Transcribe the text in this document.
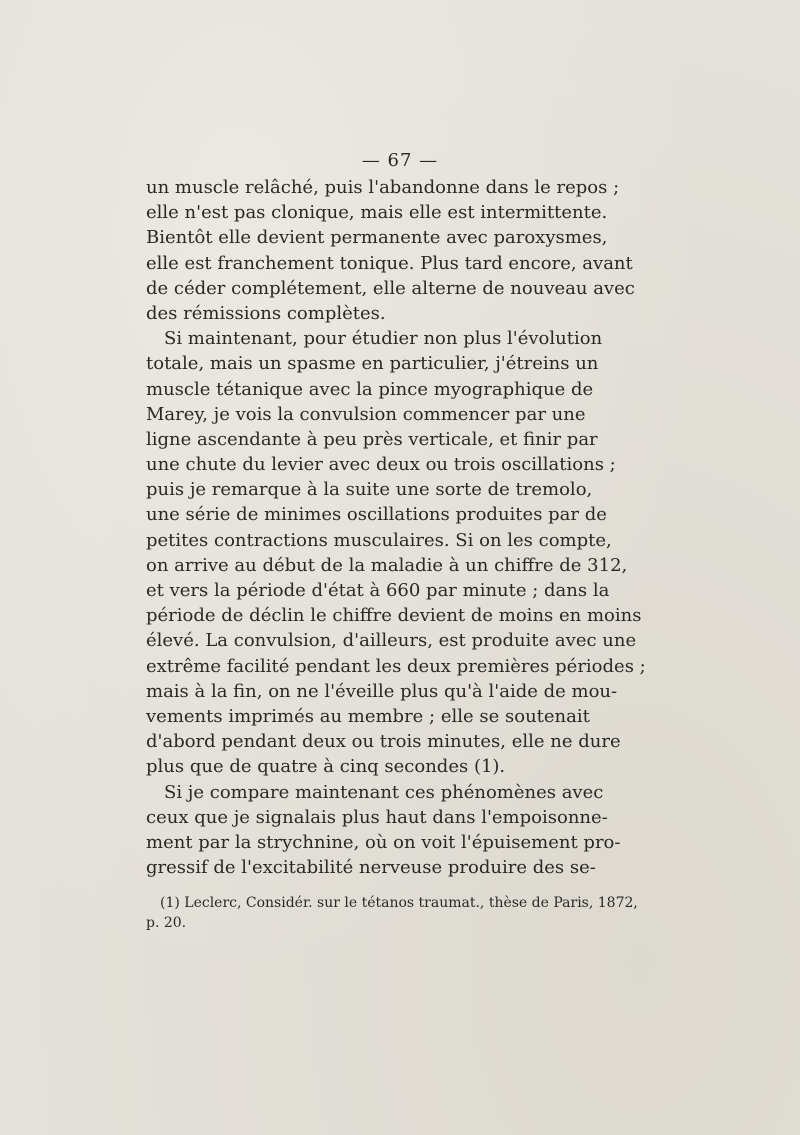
— 67 —
un muscle relâché, puis l'abandonne dans le repos ;
elle n'est pas clonique, mais elle est intermittente.
Bientôt elle devient permanente avec paroxysmes,
elle est franchement tonique. Plus tard encore, avant
de céder complétement, elle alterne de nouveau avec
des rémissions complètes.
Si maintenant, pour étudier non plus l'évolution
totale, mais un spasme en particulier, j'étreins un
muscle tétanique avec la pince myographique de
Marey, je vois la convulsion commencer par une
ligne ascendante à peu près verticale, et finir par
une chute du levier avec deux ou trois oscillations ;
puis je remarque à la suite une sorte de tremolo,
une série de minimes oscillations produites par de
petites contractions musculaires. Si on les compte,
on arrive au début de la maladie à un chiffre de 312,
et vers la période d'état à 660 par minute ; dans la
période de déclin le chiffre devient de moins en moins
élevé. La convulsion, d'ailleurs, est produite avec une
extrême facilité pendant les deux premières périodes ;
mais à la fin, on ne l'éveille plus qu'à l'aide de mou-
vements imprimés au membre ; elle se soutenait
d'abord pendant deux ou trois minutes, elle ne dure
plus que de quatre à cinq secondes (1).
Si je compare maintenant ces phénomènes avec
ceux que je signalais plus haut dans l'empoisonne-
ment par la strychnine, où on voit l'épuisement pro-
gressif de l'excitabilité nerveuse produire des se-
(1) Leclerc, Considér. sur le tétanos traumat., thèse de Paris, 1872,
p. 20.
